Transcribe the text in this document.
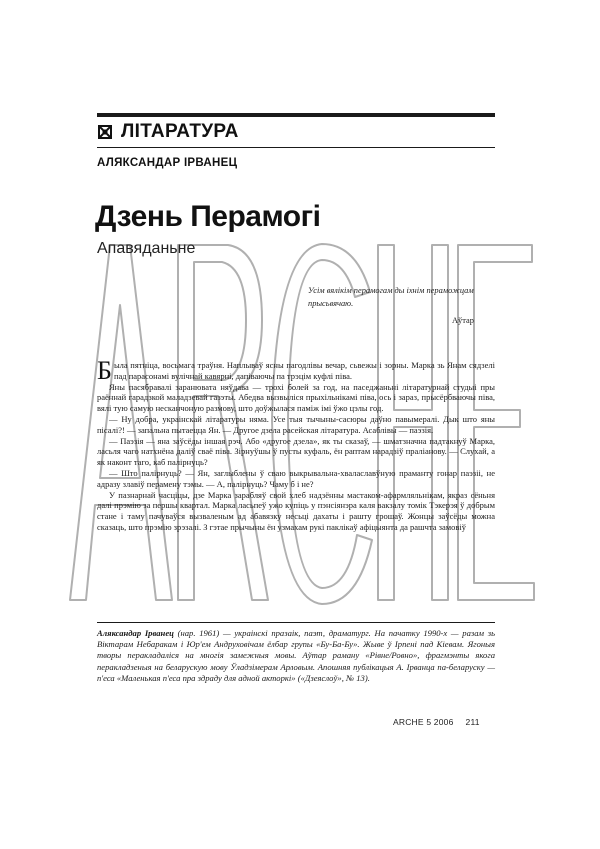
ЛІТАРАТУРА
АЛЯКСАНДАР ІРВАНЕЦ
Дзень Перамогі
Апавяданьне
Усім вялікім перамогам ды іхнім пераможцам прысьвячаю.
Аўтар

Была пятніца, восьмага траўня. Наплываў ясны пагодлівы вечар, сьвежы і зорны. Марка зь Янам сядзелі пад парасонамі вулічнай кавярні, дапіваючы па трэцім куфлі піва.

Яны пасябравалі заранювата няўдава — трохі болей за год, на паседжаньні літаратурнай студыі пры раённай гарадзкой маладзевай газэты. Абедва вызвыліся прыхільнікамі піва, ось і зараз, прысёрбваючы піва, вялі тую самую несканчоную размову, што доўжылася паміж імі ўжо цэлы год.

— Ну добра, украінскай літаратуры няма. Усе тыя тычыны-сасюры даўно павымералі. Дык што яны пісалі?! — запальна пытаецца Ян. — Другое дзела расейская літаратура. Асаблівы — паэзія.

— Паэзія — яна заўсёды іншая рэч. Або «другое дзела», як ты сказаў, — шматзначна падтакнуў Марка, ласьля чаго натхнёна даліў сваё піва. Зірнуўшы ў пусты куфаль, ён раптам нарадзіў праліанову. — Слухай, а як наконт таго, каб палірнуць?

— Што палірнуць? — Ян, заглыблены ў сваю выкрывальна-хвалаславўную праманту гонар паэзіі, не адразу злавіў перамену тэмы. — А, палірнуць? Чаму б і не?

У пазнарнай часціцы, дзе Марка зарабляў свой хлеб надзённы мастаком-афармляльнікам, якраз сёньня далі прэмію за першы квартал. Марка ласьпеў ужо купіць у пэнсіянэра каля вакзалу томік Тэкерэя ў добрым стане і таму пачуваўся вызваленым ад абавязку несьці дахаты і рашту грошаў. Жонцы заўсёды можна сказаць, што прэмію зрэзалі. З гэтае прычыны ён узмахам рукі паклікаў афіцыянта да рашчта замовіў

Аляксандар Ірванец (нар. 1961) — украінскі празаік, паэт, драматург. На пачатку 1990-х — разам зь Віктарам Небаракам і Юр'ем Андруховічам ёлбар групы «Бу-Ба-Бу». Жыве ў Ірпені пад Кіевам. Ягоныя творы перакладаліся на многія замежныя мовы. Аўтар раману «Рівне/Ровно», фрагмэнты якога перакладзеныя на беларускую мову Ўладзімерам Арловым. Апошняя публікацыя А. Ірванца па-беларуску — п'еса «Маленькая п'еса пра здраду для адной акторкі» («Дзеяслоў», № 13).
ARCHE 5 2006 211
